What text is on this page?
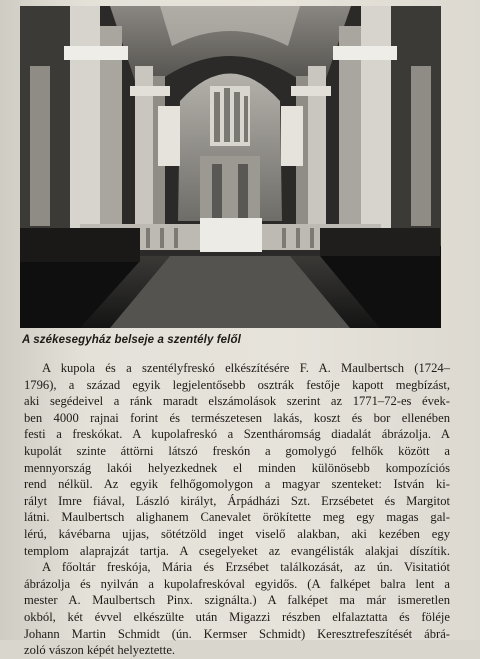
A székesegyház belseje a szentély felől
A kupola és a szentélyfreskó elkészítésére F. A. Maulbertsch (1724–
1796), a század egyik legjelentősebb osztrák festője kapott megbízást,
aki segédeivel a ránk maradt elszámolások szerint az 1771–72-es évek-
ben 4000 rajnai forint és természetesen lakás, koszt és bor ellenében
festi a freskókat. A kupolafreskó a Szentháromság diadalát ábrázolja. A
kupolát szinte áttörni látszó freskón a gomolygó felhők között a
mennyország lakói helyezkednek el minden különösebb kompozíciós
rend nélkül. Az egyik felhőgomolygon a magyar szenteket: István ki-
rályt Imre fiával, László királyt, Árpádházi Szt. Erzsébetet és Margitot
látni. Maulbertsch alighanem Canevalet örökítette meg egy magas gal-
lérú, kávébarna ujjas, sötétzöld inget viselő alakban, aki kezében egy
templom alaprajzát tartja. A csegelyeket az evangélisták alakjai díszítik.
A főoltár freskója, Mária és Erzsébet találkozását, az ún. Visitatiót
ábrázolja és nyilván a kupolafreskóval egyidős. (A falképet balra lent a
mester A. Maulbertsch Pinx. szignálta.) A falképet ma már ismeretlen
okból, két évvel elkészülte után Migazzi részben elfalaztatta és föléje
Johann Martin Schmidt (ún. Kermser Schmidt) Keresztrefeszítését ábrá-
zoló vászon képét helyeztette.
